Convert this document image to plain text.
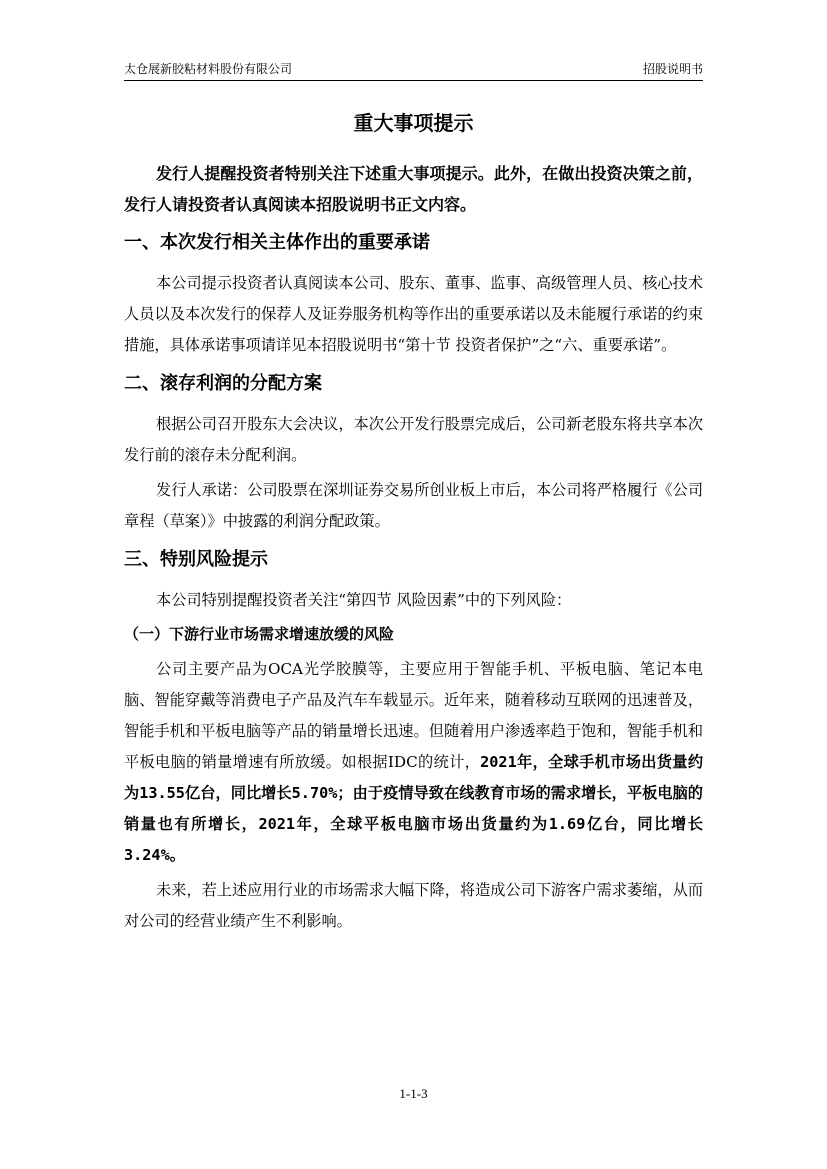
太仓展新胶粘材料股份有限公司	招股说明书
重大事项提示

发行人提醒投资者特别关注下述重大事项提示。此外，在做出投资决策之前，发行人请投资者认真阅读本招股说明书正文内容。

一、本次发行相关主体作出的重要承诺

本公司提示投资者认真阅读本公司、股东、董事、监事、高级管理人员、核心技术人员以及本次发行的保荐人及证券服务机构等作出的重要承诺以及未能履行承诺的约束措施，具体承诺事项请详见本招股说明书“第十节 投资者保护”之“六、重要承诺”。

二、滚存利润的分配方案

根据公司召开股东大会决议，本次公开发行股票完成后，公司新老股东将共享本次发行前的滚存未分配利润。

发行人承诺：公司股票在深圳证券交易所创业板上市后，本公司将严格履行《公司章程（草案）》中披露的利润分配政策。

三、特别风险提示

本公司特别提醒投资者关注“第四节 风险因素”中的下列风险：

（一）下游行业市场需求增速放缓的风险

公司主要产品为OCA光学胶膜等，主要应用于智能手机、平板电脑、笔记本电脑、智能穿戴等消费电子产品及汽车车载显示。近年来，随着移动互联网的迅速普及，智能手机和平板电脑等产品的销量增长迅速。但随着用户渗透率趋于饱和，智能手机和平板电脑的销量增速有所放缓。如根据IDC的统计，2021年，全球手机市场出货量约为13.55亿台，同比增长5.70%；由于疫情导致在线教育市场的需求增长，平板电脑的销量也有所增长，2021年，全球平板电脑市场出货量约为1.69亿台，同比增长3.24%。

未来，若上述应用行业的市场需求大幅下降，将造成公司下游客户需求萎缩，从而对公司的经营业绩产生不利影响。

1-1-3
